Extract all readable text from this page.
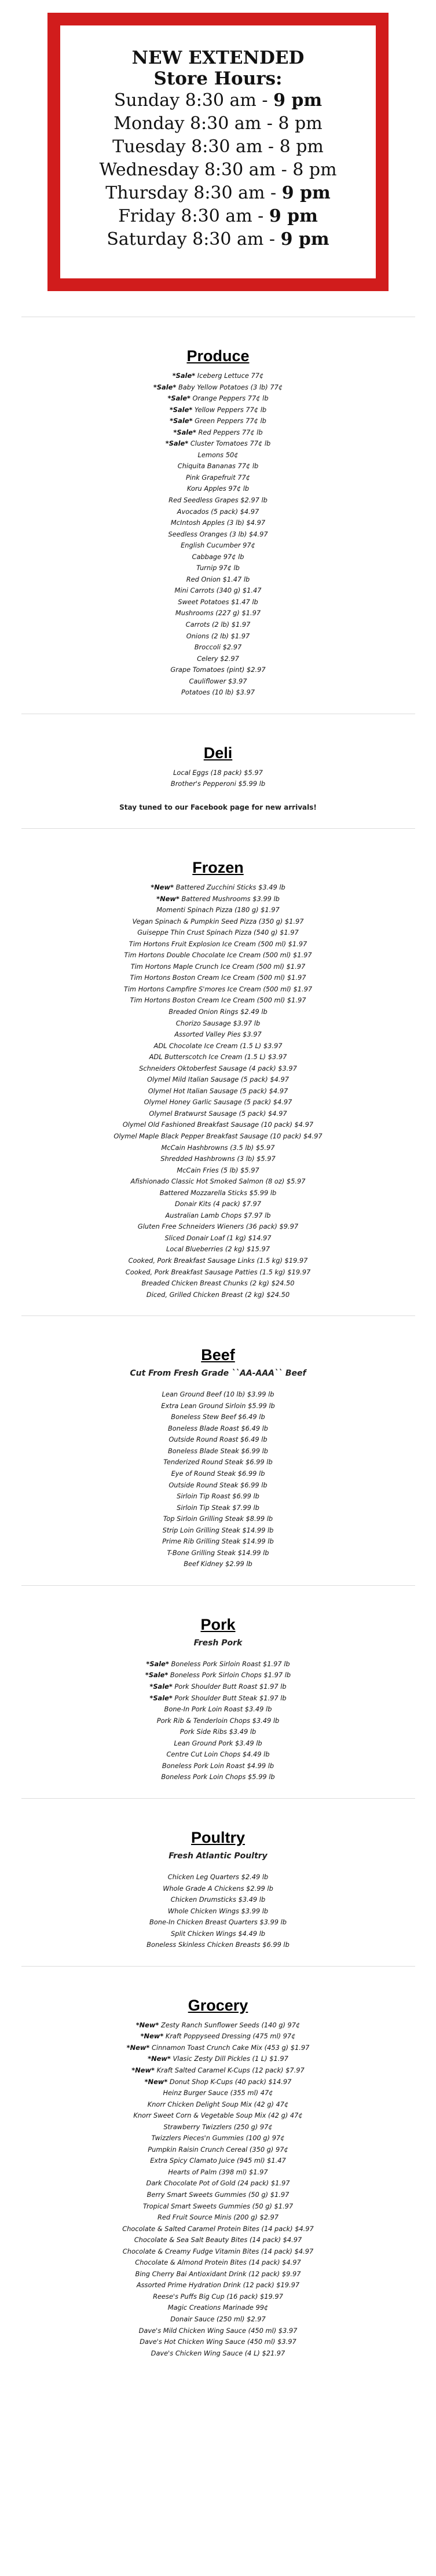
NEW EXTENDED
Store Hours:
Sunday 8:30 am - 9 pm
Monday 8:30 am - 8 pm
Tuesday 8:30 am - 8 pm
Wednesday 8:30 am - 8 pm
Thursday 8:30 am - 9 pm
Friday 8:30 am - 9 pm
Saturday 8:30 am - 9 pm
Produce
*Sale* Iceberg Lettuce 77¢
*Sale* Baby Yellow Potatoes (3 lb) 77¢
*Sale* Orange Peppers 77¢ lb
*Sale* Yellow Peppers 77¢ lb
*Sale* Green Peppers 77¢ lb
*Sale* Red Peppers 77¢ lb
*Sale* Cluster Tomatoes 77¢ lb
Lemons 50¢
Chiquita Bananas 77¢ lb
Pink Grapefruit 77¢
Koru Apples 97¢ lb
Red Seedless Grapes $2.97 lb
Avocados (5 pack) $4.97
McIntosh Apples (3 lb) $4.97
Seedless Oranges (3 lb) $4.97
English Cucumber 97¢
Cabbage 97¢ lb
Turnip 97¢ lb
Red Onion $1.47 lb
Mini Carrots (340 g) $1.47
Sweet Potatoes $1.47 lb
Mushrooms (227 g) $1.97
Carrots (2 lb) $1.97
Onions (2 lb) $1.97
Broccoli $2.97
Celery $2.97
Grape Tomatoes (pint) $2.97
Cauliflower $3.97
Potatoes (10 lb) $3.97
Deli
Local Eggs (18 pack) $5.97
Brother's Pepperoni $5.99 lb
Stay tuned to our Facebook page for new arrivals!
Frozen
*New* Battered Zucchini Sticks $3.49 lb
*New* Battered Mushrooms $3.99 lb
Momenti Spinach Pizza (180 g) $1.97
Vegan Spinach & Pumpkin Seed Pizza (350 g) $1.97
Guiseppe Thin Crust Spinach Pizza (540 g) $1.97
Tim Hortons Fruit Explosion Ice Cream (500 ml) $1.97
Tim Hortons Double Chocolate Ice Cream (500 ml) $1.97
Tim Hortons Maple Crunch Ice Cream (500 ml) $1.97
Tim Hortons Boston Cream Ice Cream (500 ml) $1.97
Tim Hortons Campfire S'mores Ice Cream (500 ml) $1.97
Tim Hortons Boston Cream Ice Cream (500 ml) $1.97
Breaded Onion Rings $2.49 lb
Chorizo Sausage $3.97 lb
Assorted Valley Pies $3.97
ADL Chocolate Ice Cream (1.5 L) $3.97
ADL Butterscotch Ice Cream (1.5 L) $3.97
Schneiders Oktoberfest Sausage (4 pack) $3.97
Olymel Mild Italian Sausage (5 pack) $4.97
Olymel Hot Italian Sausage (5 pack) $4.97
Olymel Honey Garlic Sausage (5 pack) $4.97
Olymel Bratwurst Sausage (5 pack) $4.97
Olymel Old Fashioned Breakfast Sausage (10 pack) $4.97
Olymel Maple Black Pepper Breakfast Sausage (10 pack) $4.97
McCain Hashbrowns (3.5 lb) $5.97
Shredded Hashbrowns (3 lb) $5.97
McCain Fries (5 lb) $5.97
Afishionado Classic Hot Smoked Salmon (8 oz) $5.97
Battered Mozzarella Sticks $5.99 lb
Donair Kits (4 pack) $7.97
Australian Lamb Chops $7.97 lb
Gluten Free Schneiders Wieners (36 pack) $9.97
Sliced Donair Loaf (1 kg) $14.97
Local Blueberries (2 kg) $15.97
Cooked, Pork Breakfast Sausage Links (1.5 kg) $19.97
Cooked, Pork Breakfast Sausage Patties (1.5 kg) $19.97
Breaded Chicken Breast Chunks (2 kg) $24.50
Diced, Grilled Chicken Breast (2 kg) $24.50
Beef
Cut From Fresh Grade ``AA-AAA`` Beef
Lean Ground Beef (10 lb) $3.99 lb
Extra Lean Ground Sirloin $5.99 lb
Boneless Stew Beef $6.49 lb
Boneless Blade Roast $6.49 lb
Outside Round Roast $6.49 lb
Boneless Blade Steak $6.99 lb
Tenderized Round Steak $6.99 lb
Eye of Round Steak $6.99 lb
Outside Round Steak $6.99 lb
Sirloin Tip Roast $6.99 lb
Sirloin Tip Steak $7.99 lb
Top Sirloin Grilling Steak $8.99 lb
Strip Loin Grilling Steak $14.99 lb
Prime Rib Grilling Steak $14.99 lb
T-Bone Grilling Steak $14.99 lb
Beef Kidney $2.99 lb
Pork
Fresh Pork
*Sale* Boneless Pork Sirloin Roast $1.97 lb
*Sale* Boneless Pork Sirloin Chops $1.97 lb
*Sale* Pork Shoulder Butt Roast $1.97 lb
*Sale* Pork Shoulder Butt Steak $1.97 lb
Bone-In Pork Loin Roast $3.49 lb
Pork Rib & Tenderloin Chops $3.49 lb
Pork Side Ribs $3.49 lb
Lean Ground Pork $3.49 lb
Centre Cut Loin Chops $4.49 lb
Boneless Pork Loin Roast $4.99 lb
Boneless Pork Loin Chops $5.99 lb
Poultry
Fresh Atlantic Poultry
Chicken Leg Quarters $2.49 lb
Whole Grade A Chickens $2.99 lb
Chicken Drumsticks $3.49 lb
Whole Chicken Wings $3.99 lb
Bone-In Chicken Breast Quarters $3.99 lb
Split Chicken Wings $4.49 lb
Boneless Skinless Chicken Breasts $6.99 lb
Grocery
*New* Zesty Ranch Sunflower Seeds (140 g) 97¢
*New* Kraft Poppyseed Dressing (475 ml) 97¢
*New* Cinnamon Toast Crunch Cake Mix (453 g) $1.97
*New* Vlasic Zesty Dill Pickles (1 L) $1.97
*New* Kraft Salted Caramel K-Cups (12 pack) $7.97
*New* Donut Shop K-Cups (40 pack) $14.97
Heinz Burger Sauce (355 ml) 47¢
Knorr Chicken Delight Soup Mix (42 g) 47¢
Knorr Sweet Corn & Vegetable Soup Mix (42 g) 47¢
Strawberry Twizzlers (250 g) 97¢
Twizzlers Pieces'n Gummies (100 g) 97¢
Pumpkin Raisin Crunch Cereal (350 g) 97¢
Extra Spicy Clamato Juice (945 ml) $1.47
Hearts of Palm (398 ml) $1.97
Dark Chocolate Pot of Gold (24 pack) $1.97
Berry Smart Sweets Gummies (50 g) $1.97
Tropical Smart Sweets Gummies (50 g) $1.97
Red Fruit Source Minis (200 g) $2.97
Chocolate & Salted Caramel Protein Bites (14 pack) $4.97
Chocolate & Sea Salt Beauty Bites (14 pack) $4.97
Chocolate & Creamy Fudge Vitamin Bites (14 pack) $4.97
Chocolate & Almond Protein Bites (14 pack) $4.97
Bing Cherry Bai Antioxidant Drink (12 pack) $9.97
Assorted Prime Hydration Drink (12 pack) $19.97
Reese's Puffs Big Cup (16 pack) $19.97
Magic Creations Marinade 99¢
Donair Sauce (250 ml) $2.97
Dave's Mild Chicken Wing Sauce (450 ml) $3.97
Dave's Hot Chicken Wing Sauce (450 ml) $3.97
Dave's Chicken Wing Sauce (4 L) $21.97
